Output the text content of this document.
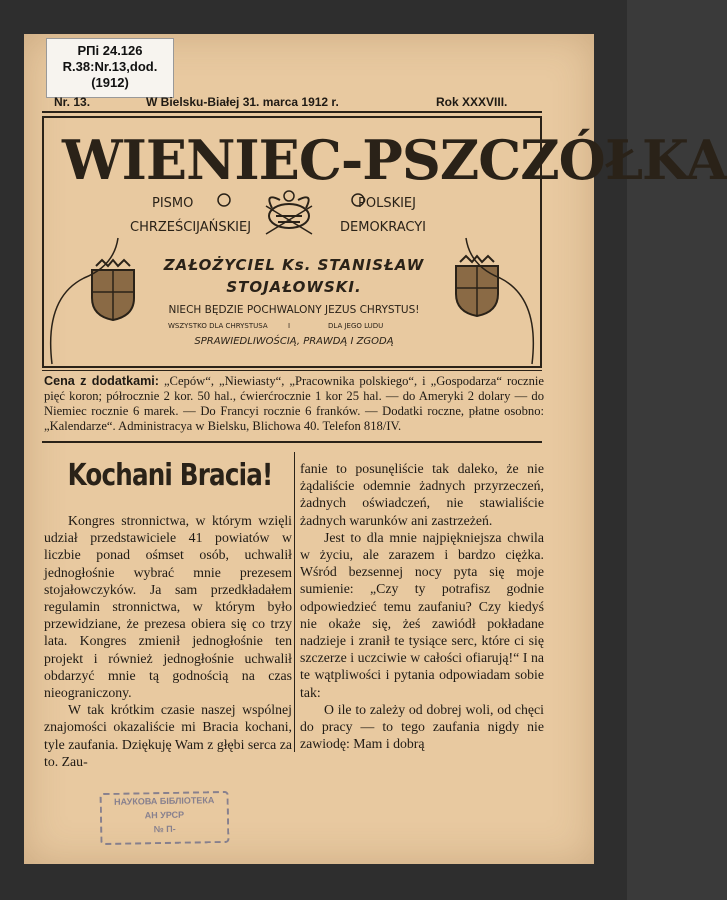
РПі 24.126
R.38:Nr.13,dod.
(1912)
Nr. 13.	W Bielsku-Białej 31. marca 1912 r.	Rok XXXVIII.
WIENIEC-PSZCZÓŁKA
PISMO
CHRZEŚCIJAŃSKIEJ
POLSKIEJ
DEMOKRACYI
ZAŁOŻYCIEL Ks. STANISŁAW
STOJAŁOWSKI.
NIECH BĘDZIE POCHWALONY JEZUS CHRYSTUS!
WSZYSTKO DLA CHRYSTUSA	I	DLA JEGO LUDU
SPRAWIEDLIWOŚCIĄ, PRAWDĄ I ZGODĄ
Cena z dodatkami: „Cepów“, „Niewiasty“, „Pracownika polskiego“, i „Gospodarza“ rocznie pięć koron; półrocznie 2 kor. 50 hal., ćwierćrocznie 1 kor 25 hal. — do Ameryki 2 dolary — do Niemiec rocznie 6 marek. — Do Francyi rocznie 6 franków. — Dodatki roczne, płatne osobno: „Kalendarze“. Administracya w Bielsku, Blichowa 40. Telefon 818/IV.
Kochani Bracia!

Kongres stronnictwa, w którym wzięli udział przedstawiciele 41 powiatów w liczbie ponad ośmset osób, uchwalił jednogłośnie wybrać mnie prezesem stojałowczyków. Ja sam przedkładałem regulamin stronnictwa, w którym było przewidziane, że prezesa obiera się co trzy lata. Kongres zmienił jednogłośnie ten projekt i również jednogłośnie uchwalił obdarzyć mnie tą godnością na czas nieograniczony.

W tak krótkim czasie naszej wspólnej znajomości okazaliście mi Bracia kochani, tyle zaufania. Dziękuję Wam z głębi serca za to. Zau-

fanie to posunęliście tak daleko, że nie żądaliście odemnie żadnych przyrzeczeń, żadnych oświadczeń, nie stawialiście żadnych warunków ani zastrzeżeń.

Jest to dla mnie najpiękniejsza chwila w życiu, ale zarazem i bardzo ciężka. Wśród bezsennej nocy pyta się moje sumienie: „Czy ty potrafisz godnie odpowiedzieć temu zaufaniu? Czy kiedyś nie okaże się, żeś zawiódł pokładane nadzieje i zranił te tysiące serc, które ci się szczerze i uczciwie w całości ofiarują!“ I na te wątpliwości i pytania odpowiadam sobie tak:

O ile to zależy od dobrej woli, od chęci do pracy — to tego zaufania nigdy nie zawiodę: Mam i dobrą

НАУКОВА БІБЛІОТЕКА
АН УРСР
№ П-
